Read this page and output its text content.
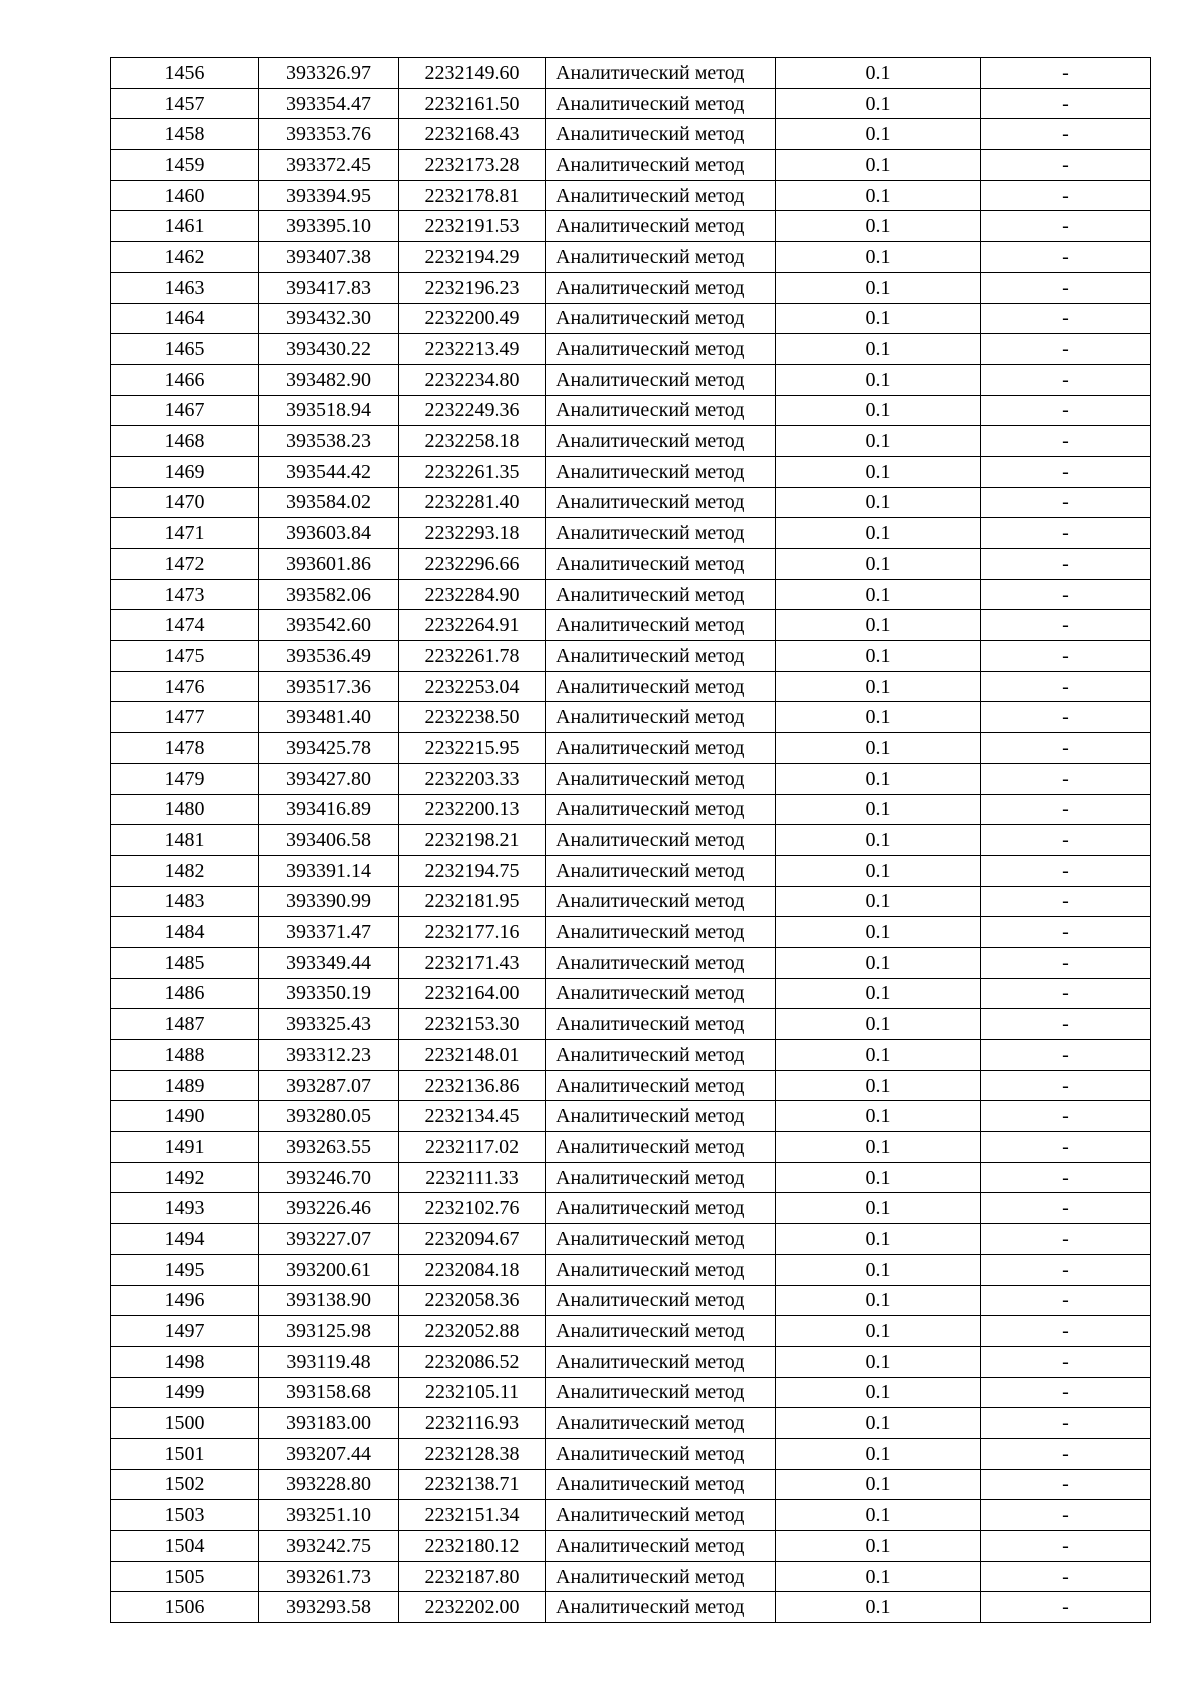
1456	393326.97	2232149.60	Аналитический метод	0.1	-
1457	393354.47	2232161.50	Аналитический метод	0.1	-
1458	393353.76	2232168.43	Аналитический метод	0.1	-
1459	393372.45	2232173.28	Аналитический метод	0.1	-
1460	393394.95	2232178.81	Аналитический метод	0.1	-
1461	393395.10	2232191.53	Аналитический метод	0.1	-
1462	393407.38	2232194.29	Аналитический метод	0.1	-
1463	393417.83	2232196.23	Аналитический метод	0.1	-
1464	393432.30	2232200.49	Аналитический метод	0.1	-
1465	393430.22	2232213.49	Аналитический метод	0.1	-
1466	393482.90	2232234.80	Аналитический метод	0.1	-
1467	393518.94	2232249.36	Аналитический метод	0.1	-
1468	393538.23	2232258.18	Аналитический метод	0.1	-
1469	393544.42	2232261.35	Аналитический метод	0.1	-
1470	393584.02	2232281.40	Аналитический метод	0.1	-
1471	393603.84	2232293.18	Аналитический метод	0.1	-
1472	393601.86	2232296.66	Аналитический метод	0.1	-
1473	393582.06	2232284.90	Аналитический метод	0.1	-
1474	393542.60	2232264.91	Аналитический метод	0.1	-
1475	393536.49	2232261.78	Аналитический метод	0.1	-
1476	393517.36	2232253.04	Аналитический метод	0.1	-
1477	393481.40	2232238.50	Аналитический метод	0.1	-
1478	393425.78	2232215.95	Аналитический метод	0.1	-
1479	393427.80	2232203.33	Аналитический метод	0.1	-
1480	393416.89	2232200.13	Аналитический метод	0.1	-
1481	393406.58	2232198.21	Аналитический метод	0.1	-
1482	393391.14	2232194.75	Аналитический метод	0.1	-
1483	393390.99	2232181.95	Аналитический метод	0.1	-
1484	393371.47	2232177.16	Аналитический метод	0.1	-
1485	393349.44	2232171.43	Аналитический метод	0.1	-
1486	393350.19	2232164.00	Аналитический метод	0.1	-
1487	393325.43	2232153.30	Аналитический метод	0.1	-
1488	393312.23	2232148.01	Аналитический метод	0.1	-
1489	393287.07	2232136.86	Аналитический метод	0.1	-
1490	393280.05	2232134.45	Аналитический метод	0.1	-
1491	393263.55	2232117.02	Аналитический метод	0.1	-
1492	393246.70	2232111.33	Аналитический метод	0.1	-
1493	393226.46	2232102.76	Аналитический метод	0.1	-
1494	393227.07	2232094.67	Аналитический метод	0.1	-
1495	393200.61	2232084.18	Аналитический метод	0.1	-
1496	393138.90	2232058.36	Аналитический метод	0.1	-
1497	393125.98	2232052.88	Аналитический метод	0.1	-
1498	393119.48	2232086.52	Аналитический метод	0.1	-
1499	393158.68	2232105.11	Аналитический метод	0.1	-
1500	393183.00	2232116.93	Аналитический метод	0.1	-
1501	393207.44	2232128.38	Аналитический метод	0.1	-
1502	393228.80	2232138.71	Аналитический метод	0.1	-
1503	393251.10	2232151.34	Аналитический метод	0.1	-
1504	393242.75	2232180.12	Аналитический метод	0.1	-
1505	393261.73	2232187.80	Аналитический метод	0.1	-
1506	393293.58	2232202.00	Аналитический метод	0.1	-
